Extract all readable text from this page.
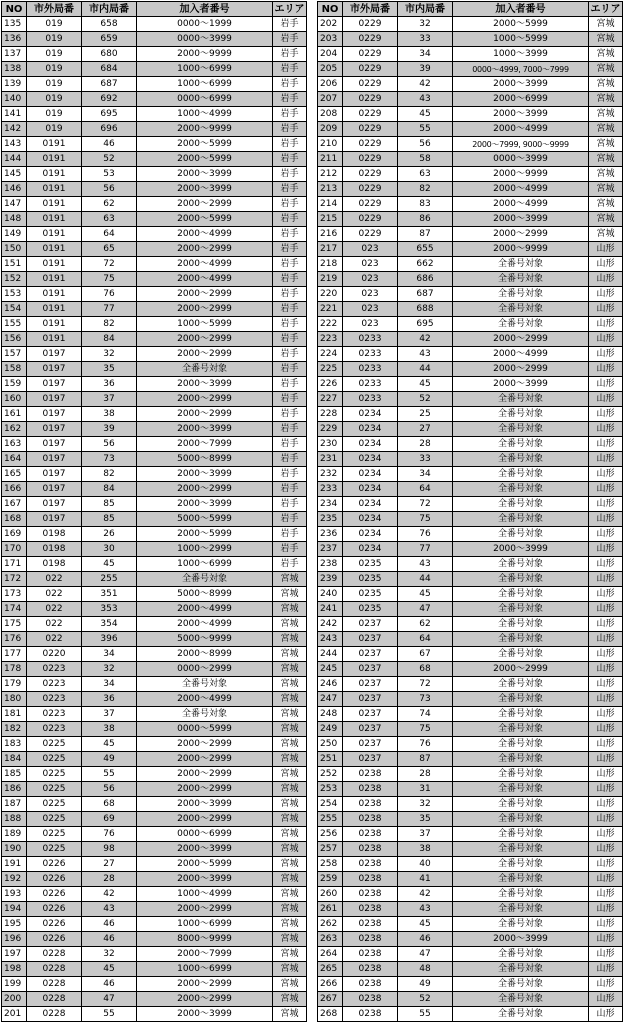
NO	市外局番	市内局番	加入者番号	エリア
135	019	658	0000～1999	岩手
136	019	659	0000～3999	岩手
137	019	680	2000～9999	岩手
138	019	684	1000～6999	岩手
139	019	687	1000～6999	岩手
140	019	692	0000～6999	岩手
141	019	695	1000～4999	岩手
142	019	696	2000～9999	岩手
143	0191	46	2000～5999	岩手
144	0191	52	2000～5999	岩手
145	0191	53	2000～3999	岩手
146	0191	56	2000～3999	岩手
147	0191	62	2000～2999	岩手
148	0191	63	2000～5999	岩手
149	0191	64	2000～4999	岩手
150	0191	65	2000～2999	岩手
151	0191	72	2000～4999	岩手
152	0191	75	2000～4999	岩手
153	0191	76	2000～2999	岩手
154	0191	77	2000～2999	岩手
155	0191	82	1000～5999	岩手
156	0191	84	2000～2999	岩手
157	0197	32	2000～2999	岩手
158	0197	35	全番号対象	岩手
159	0197	36	2000～3999	岩手
160	0197	37	2000～2999	岩手
161	0197	38	2000～2999	岩手
162	0197	39	2000～3999	岩手
163	0197	56	2000～7999	岩手
164	0197	73	5000～8999	岩手
165	0197	82	2000～3999	岩手
166	0197	84	2000～2999	岩手
167	0197	85	2000～3999	岩手
168	0197	85	5000～5999	岩手
169	0198	26	2000～5999	岩手
170	0198	30	1000～2999	岩手
171	0198	45	1000～6999	岩手
172	022	255	全番号対象	宮城
173	022	351	5000～8999	宮城
174	022	353	2000～4999	宮城
175	022	354	2000～4999	宮城
176	022	396	5000～9999	宮城
177	0220	34	2000～8999	宮城
178	0223	32	0000～2999	宮城
179	0223	34	全番号対象	宮城
180	0223	36	2000～4999	宮城
181	0223	37	全番号対象	宮城
182	0223	38	0000～5999	宮城
183	0225	45	2000～2999	宮城
184	0225	49	2000～2999	宮城
185	0225	55	2000～2999	宮城
186	0225	56	2000～2999	宮城
187	0225	68	2000～3999	宮城
188	0225	69	2000～2999	宮城
189	0225	76	0000～6999	宮城
190	0225	98	2000～3999	宮城
191	0226	27	2000～5999	宮城
192	0226	28	2000～3999	宮城
193	0226	42	1000～4999	宮城
194	0226	43	2000～2999	宮城
195	0226	46	1000～6999	宮城
196	0226	46	8000～9999	宮城
197	0228	32	2000～7999	宮城
198	0228	45	1000～6999	宮城
199	0228	46	2000～2999	宮城
200	0228	47	2000～2999	宮城
201	0228	55	2000～3999	宮城
NO	市外局番	市内局番	加入者番号	エリア
202	0229	32	2000～5999	宮城
203	0229	33	1000～5999	宮城
204	0229	34	1000～3999	宮城
205	0229	39	0000～4999, 7000～7999	宮城
206	0229	42	2000～3999	宮城
207	0229	43	2000～6999	宮城
208	0229	45	2000～3999	宮城
209	0229	55	2000～4999	宮城
210	0229	56	2000～7999, 9000～9999	宮城
211	0229	58	0000～3999	宮城
212	0229	63	2000～9999	宮城
213	0229	82	2000～4999	宮城
214	0229	83	2000～4999	宮城
215	0229	86	2000～3999	宮城
216	0229	87	2000～2999	宮城
217	023	655	2000～9999	山形
218	023	662	全番号対象	山形
219	023	686	全番号対象	山形
220	023	687	全番号対象	山形
221	023	688	全番号対象	山形
222	023	695	全番号対象	山形
223	0233	42	2000～2999	山形
224	0233	43	2000～4999	山形
225	0233	44	2000～2999	山形
226	0233	45	2000～3999	山形
227	0233	52	全番号対象	山形
228	0234	25	全番号対象	山形
229	0234	27	全番号対象	山形
230	0234	28	全番号対象	山形
231	0234	33	全番号対象	山形
232	0234	34	全番号対象	山形
233	0234	64	全番号対象	山形
234	0234	72	全番号対象	山形
235	0234	75	全番号対象	山形
236	0234	76	全番号対象	山形
237	0234	77	2000～3999	山形
238	0235	43	全番号対象	山形
239	0235	44	全番号対象	山形
240	0235	45	全番号対象	山形
241	0235	47	全番号対象	山形
242	0237	62	全番号対象	山形
243	0237	64	全番号対象	山形
244	0237	67	全番号対象	山形
245	0237	68	2000～2999	山形
246	0237	72	全番号対象	山形
247	0237	73	全番号対象	山形
248	0237	74	全番号対象	山形
249	0237	75	全番号対象	山形
250	0237	76	全番号対象	山形
251	0237	87	全番号対象	山形
252	0238	28	全番号対象	山形
253	0238	31	全番号対象	山形
254	0238	32	全番号対象	山形
255	0238	35	全番号対象	山形
256	0238	37	全番号対象	山形
257	0238	38	全番号対象	山形
258	0238	40	全番号対象	山形
259	0238	41	全番号対象	山形
260	0238	42	全番号対象	山形
261	0238	43	全番号対象	山形
262	0238	45	全番号対象	山形
263	0238	46	2000～3999	山形
264	0238	47	全番号対象	山形
265	0238	48	全番号対象	山形
266	0238	49	全番号対象	山形
267	0238	52	全番号対象	山形
268	0238	55	全番号対象	山形
